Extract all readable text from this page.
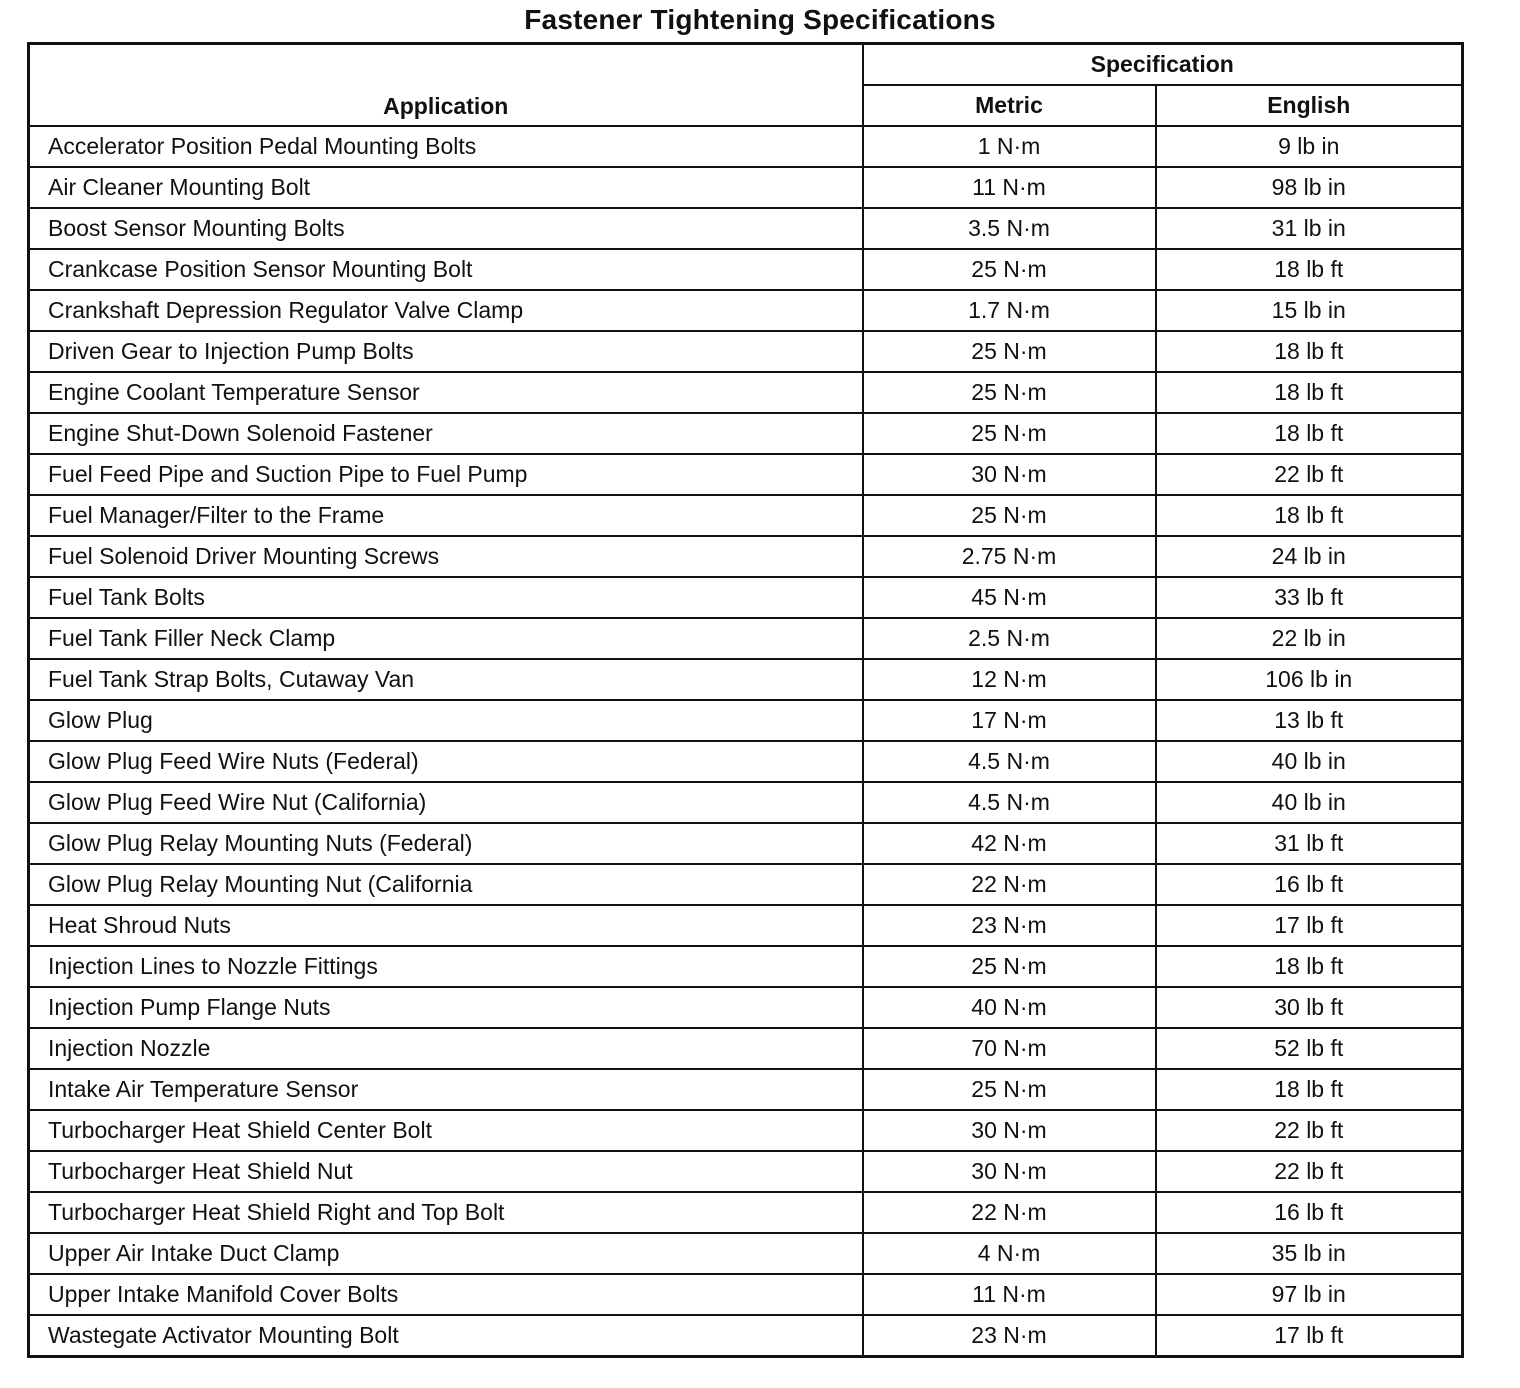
Fastener Tightening Specifications
Application	Specification	
	Metric	English
Accelerator Position Pedal Mounting Bolts	1 N·m	9 lb in
Air Cleaner Mounting Bolt	11 N·m	98 lb in
Boost Sensor Mounting Bolts	3.5 N·m	31 lb in
Crankcase Position Sensor Mounting Bolt	25 N·m	18 lb ft
Crankshaft Depression Regulator Valve Clamp	1.7 N·m	15 lb in
Driven Gear to Injection Pump Bolts	25 N·m	18 lb ft
Engine Coolant Temperature Sensor	25 N·m	18 lb ft
Engine Shut-Down Solenoid Fastener	25 N·m	18 lb ft
Fuel Feed Pipe and Suction Pipe to Fuel Pump	30 N·m	22 lb ft
Fuel Manager/Filter to the Frame	25 N·m	18 lb ft
Fuel Solenoid Driver Mounting Screws	2.75 N·m	24 lb in
Fuel Tank Bolts	45 N·m	33 lb ft
Fuel Tank Filler Neck Clamp	2.5 N·m	22 lb in
Fuel Tank Strap Bolts, Cutaway Van	12 N·m	106 lb in
Glow Plug	17 N·m	13 lb ft
Glow Plug Feed Wire Nuts (Federal)	4.5 N·m	40 lb in
Glow Plug Feed Wire Nut (California)	4.5 N·m	40 lb in
Glow Plug Relay Mounting Nuts (Federal)	42 N·m	31 lb ft
Glow Plug Relay Mounting Nut (California	22 N·m	16 lb ft
Heat Shroud Nuts	23 N·m	17 lb ft
Injection Lines to Nozzle Fittings	25 N·m	18 lb ft
Injection Pump Flange Nuts	40 N·m	30 lb ft
Injection Nozzle	70 N·m	52 lb ft
Intake Air Temperature Sensor	25 N·m	18 lb ft
Turbocharger Heat Shield Center Bolt	30 N·m	22 lb ft
Turbocharger Heat Shield Nut	30 N·m	22 lb ft
Turbocharger Heat Shield Right and Top Bolt	22 N·m	16 lb ft
Upper Air Intake Duct Clamp	4 N·m	35 lb in
Upper Intake Manifold Cover Bolts	11 N·m	97 lb in
Wastegate Activator Mounting Bolt	23 N·m	17 lb ft
